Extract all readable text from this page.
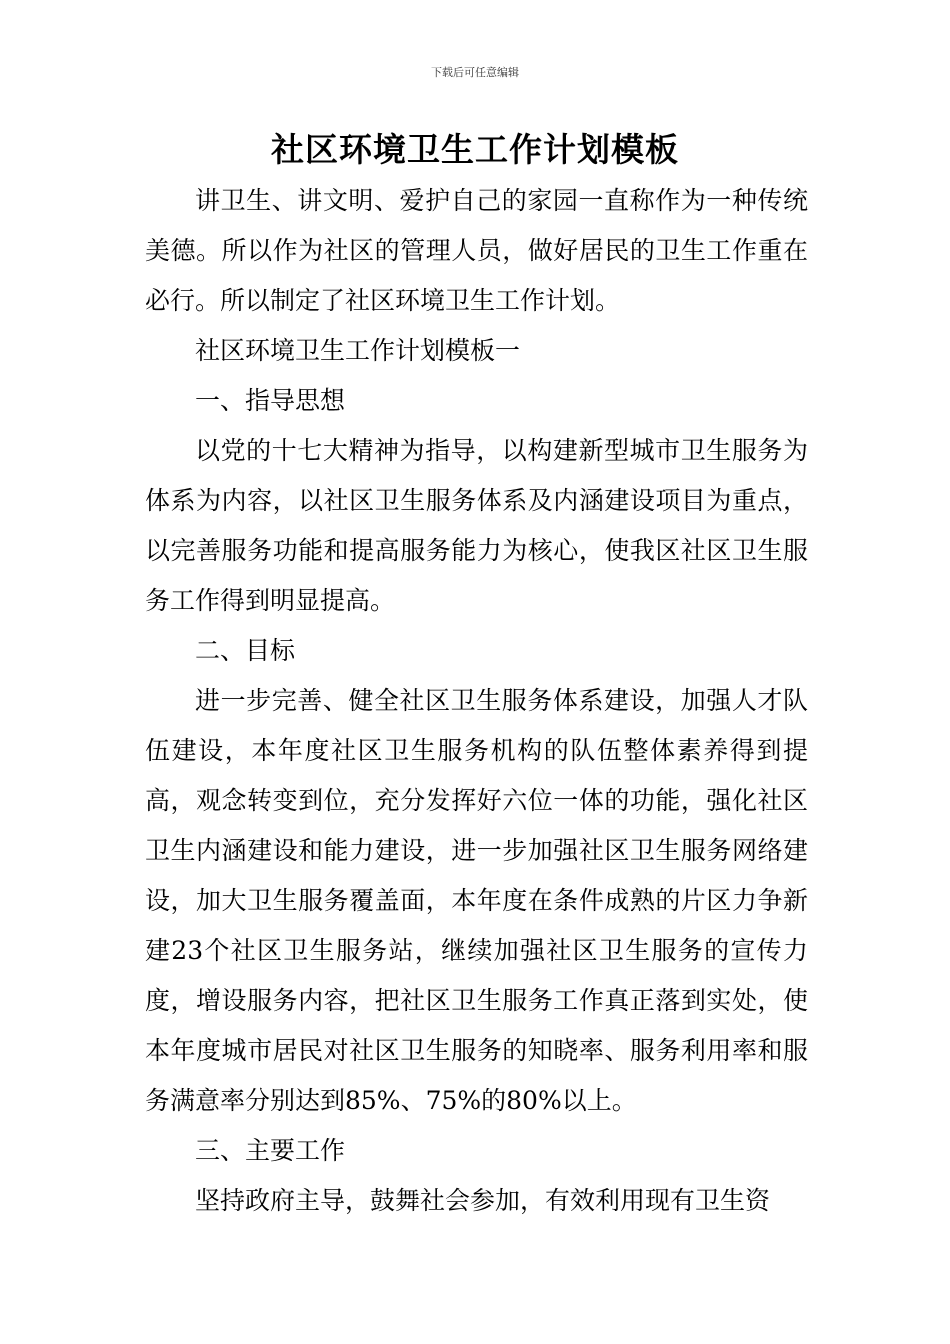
下载后可任意编辑
社区环境卫生工作计划模板

讲卫生、讲文明、爱护自己的家园一直称作为一种传统美德。所以作为社区的管理人员，做好居民的卫生工作重在必行。所以制定了社区环境卫生工作计划。

社区环境卫生工作计划模板一

一、指导思想

以党的十七大精神为指导，以构建新型城市卫生服务为体系为内容，以社区卫生服务体系及内涵建设项目为重点，以完善服务功能和提高服务能力为核心，使我区社区卫生服务工作得到明显提高。

二、目标

进一步完善、健全社区卫生服务体系建设，加强人才队伍建设，本年度社区卫生服务机构的队伍整体素养得到提高，观念转变到位，充分发挥好六位一体的功能，强化社区卫生内涵建设和能力建设，进一步加强社区卫生服务网络建设，加大卫生服务覆盖面，本年度在条件成熟的片区力争新建23个社区卫生服务站，继续加强社区卫生服务的宣传力度，增设服务内容，把社区卫生服务工作真正落到实处，使本年度城市居民对社区卫生服务的知晓率、服务利用率和服务满意率分别达到85%、75%的80%以上。

三、主要工作

坚持政府主导，鼓舞社会参加，有效利用现有卫生资
